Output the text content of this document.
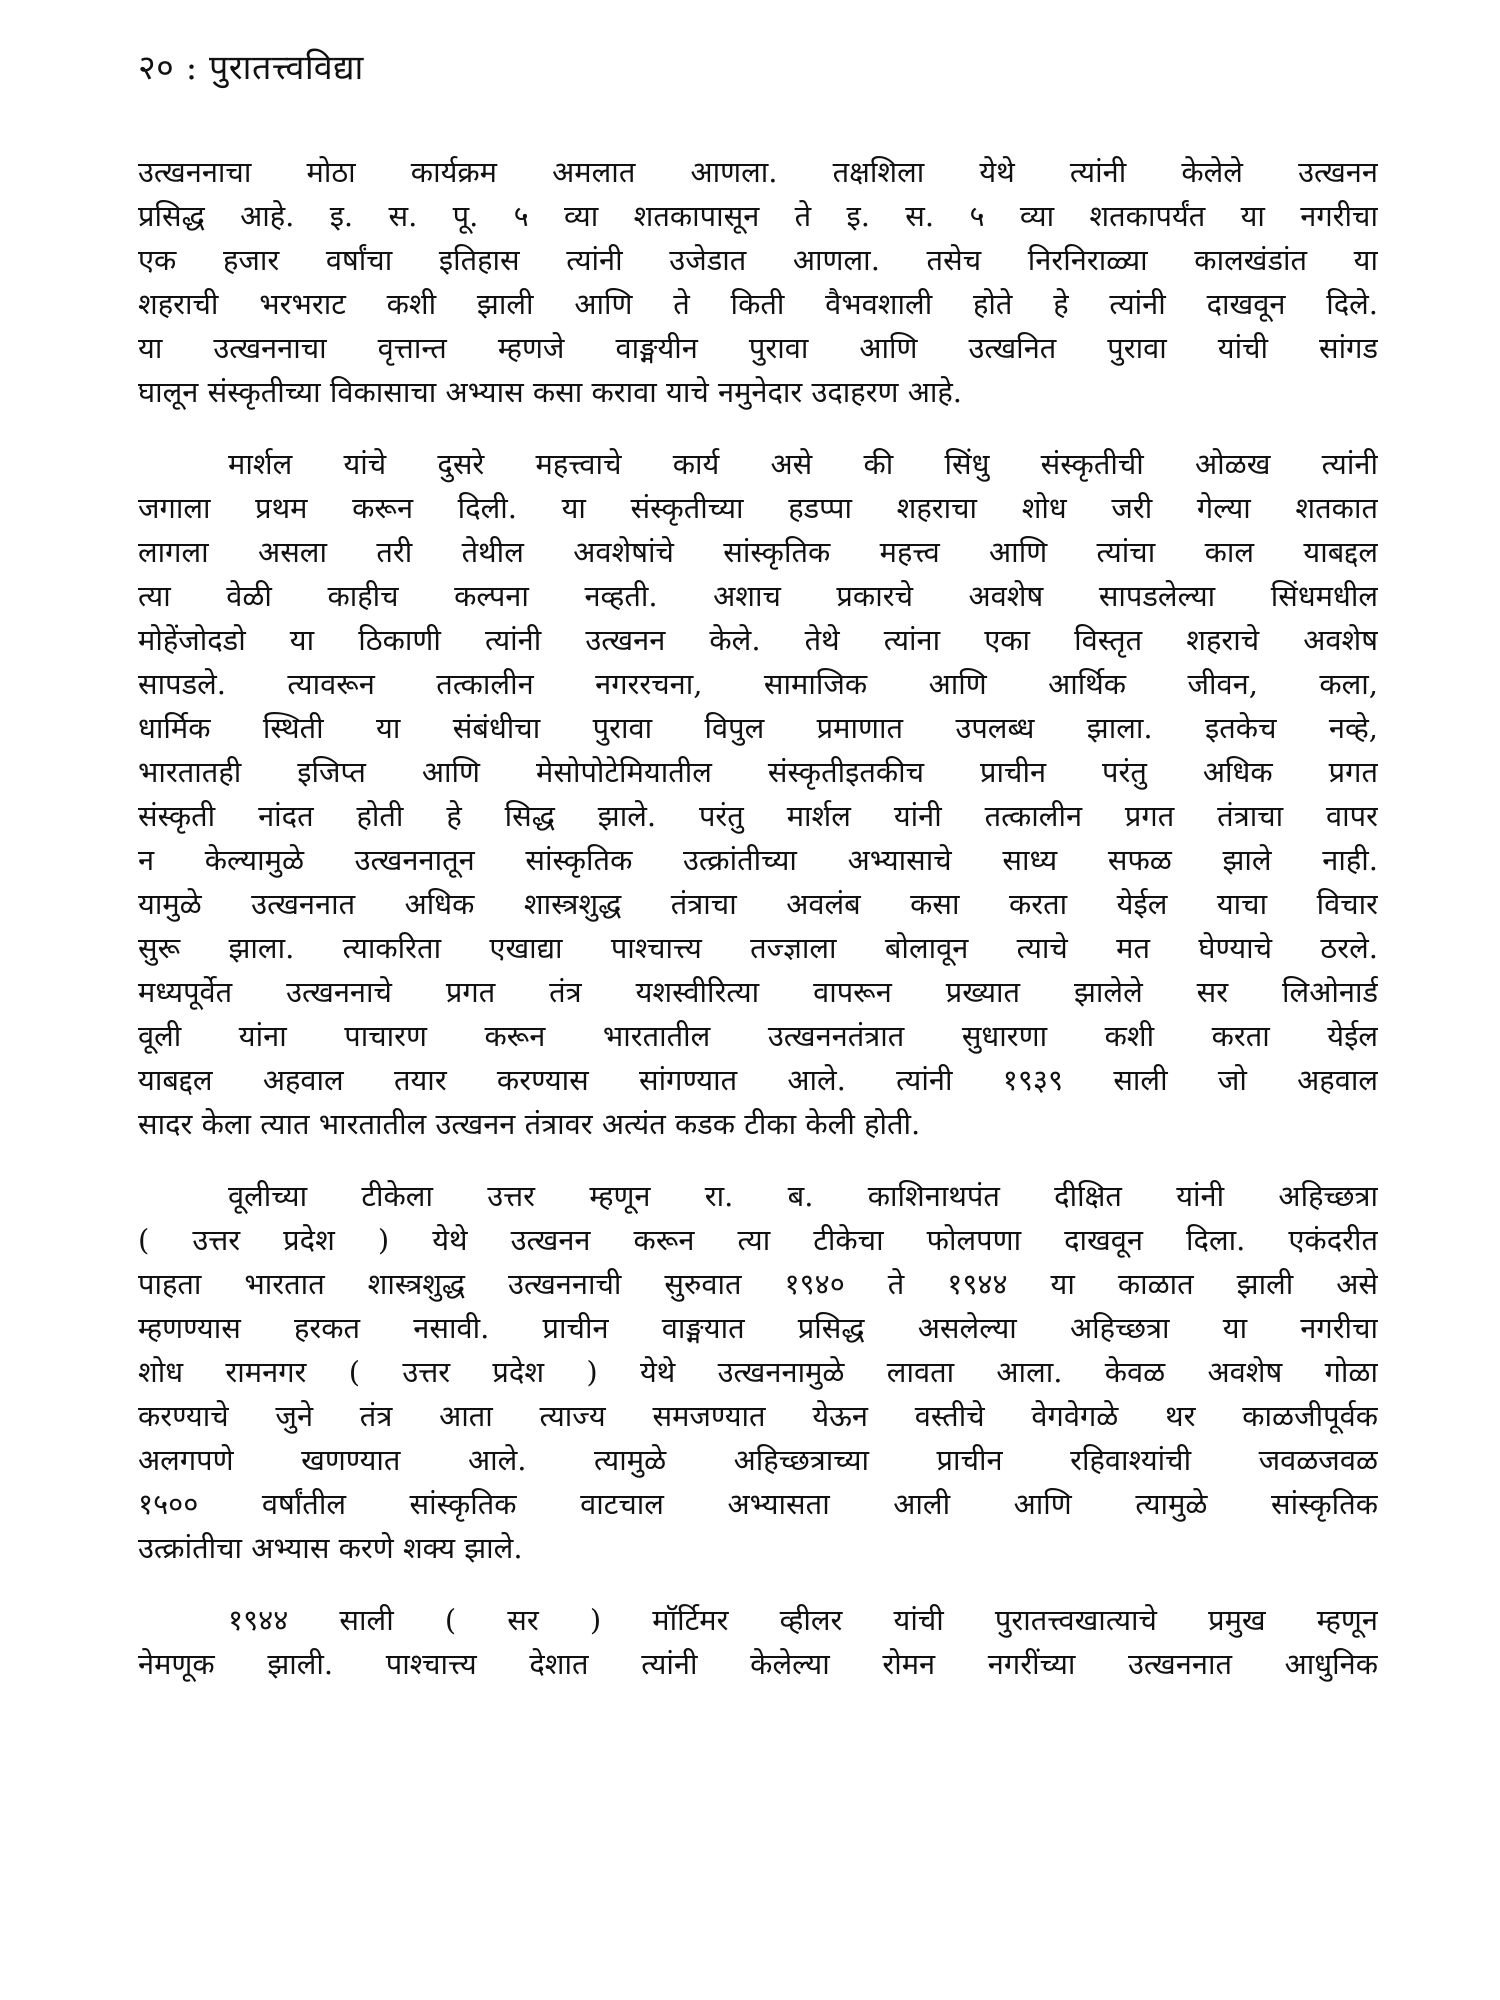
२० : पुरातत्त्वविद्या
उत्खननाचा मोठा कार्यक्रम अमलात आणला. तक्षशिला येथे त्यांनी केलेले उत्खनन
प्रसिद्ध आहे. इ. स. पू. ५ व्या शतकापासून ते इ. स. ५ व्या शतकापर्यंत या नगरीचा
एक हजार वर्षांचा इतिहास त्यांनी उजेडात आणला. तसेच निरनिराळ्या कालखंडांत या
शहराची भरभराट कशी झाली आणि ते किती वैभवशाली होते हे त्यांनी दाखवून दिले.
या उत्खननाचा वृत्तान्त म्हणजे वाङ्मयीन पुरावा आणि उत्खनित पुरावा यांची सांगड
घालून संस्कृतीच्या विकासाचा अभ्यास कसा करावा याचे नमुनेदार उदाहरण आहे.
मार्शल यांचे दुसरे महत्त्वाचे कार्य असे की सिंधु संस्कृतीची ओळख त्यांनी
जगाला प्रथम करून दिली. या संस्कृतीच्या हडप्पा शहराचा शोध जरी गेल्या शतकात
लागला असला तरी तेथील अवशेषांचे सांस्कृतिक महत्त्व आणि त्यांचा काल याबद्दल
त्या वेळी काहीच कल्पना नव्हती. अशाच प्रकारचे अवशेष सापडलेल्या सिंधमधील
मोहेंजोदडो या ठिकाणी त्यांनी उत्खनन केले. तेथे त्यांना एका विस्तृत शहराचे अवशेष
सापडले. त्यावरून तत्कालीन नगररचना, सामाजिक आणि आर्थिक जीवन, कला,
धार्मिक स्थिती या संबंधीचा पुरावा विपुल प्रमाणात उपलब्ध झाला. इतकेच नव्हे,
भारतातही इजिप्त आणि मेसोपोटेमियातील संस्कृतीइतकीच प्राचीन परंतु अधिक प्रगत
संस्कृती नांदत होती हे सिद्ध झाले. परंतु मार्शल यांनी तत्कालीन प्रगत तंत्राचा वापर
न केल्यामुळे उत्खननातून सांस्कृतिक उत्क्रांतीच्या अभ्यासाचे साध्य सफळ झाले नाही.
यामुळे उत्खननात अधिक शास्त्रशुद्ध तंत्राचा अवलंब कसा करता येईल याचा विचार
सुरू झाला. त्याकरिता एखाद्या पाश्चात्त्य तज्ज्ञाला बोलावून त्याचे मत घेण्याचे ठरले.
मध्यपूर्वेत उत्खननाचे प्रगत तंत्र यशस्वीरित्या वापरून प्रख्यात झालेले सर लिओनार्ड
वूली यांना पाचारण करून भारतातील उत्खननतंत्रात सुधारणा कशी करता येईल
याबद्दल अहवाल तयार करण्यास सांगण्यात आले. त्यांनी १९३९ साली जो अहवाल
सादर केला त्यात भारतातील उत्खनन तंत्रावर अत्यंत कडक टीका केली होती.
वूलीच्या टीकेला उत्तर म्हणून रा. ब. काशिनाथपंत दीक्षित यांनी अहिच्छत्रा
( उत्तर प्रदेश ) येथे उत्खनन करून त्या टीकेचा फोलपणा दाखवून दिला. एकंदरीत
पाहता भारतात शास्त्रशुद्ध उत्खननाची सुरुवात १९४० ते १९४४ या काळात झाली असे
म्हणण्यास हरकत नसावी. प्राचीन वाङ्मयात प्रसिद्ध असलेल्या अहिच्छत्रा या नगरीचा
शोध रामनगर ( उत्तर प्रदेश ) येथे उत्खननामुळे लावता आला. केवळ अवशेष गोळा
करण्याचे जुने तंत्र आता त्याज्य समजण्यात येऊन वस्तीचे वेगवेगळे थर काळजीपूर्वक
अलगपणे खणण्यात आले. त्यामुळे अहिच्छत्राच्या प्राचीन रहिवाश्यांची जवळजवळ
१५०० वर्षांतील सांस्कृतिक वाटचाल अभ्यासता आली आणि त्यामुळे सांस्कृतिक
उत्क्रांतीचा अभ्यास करणे शक्य झाले.
१९४४ साली ( सर ) मॉर्टिमर व्हीलर यांची पुरातत्त्वखात्याचे प्रमुख म्हणून
नेमणूक झाली. पाश्चात्त्य देशात त्यांनी केलेल्या रोमन नगरींच्या उत्खननात आधुनिक
